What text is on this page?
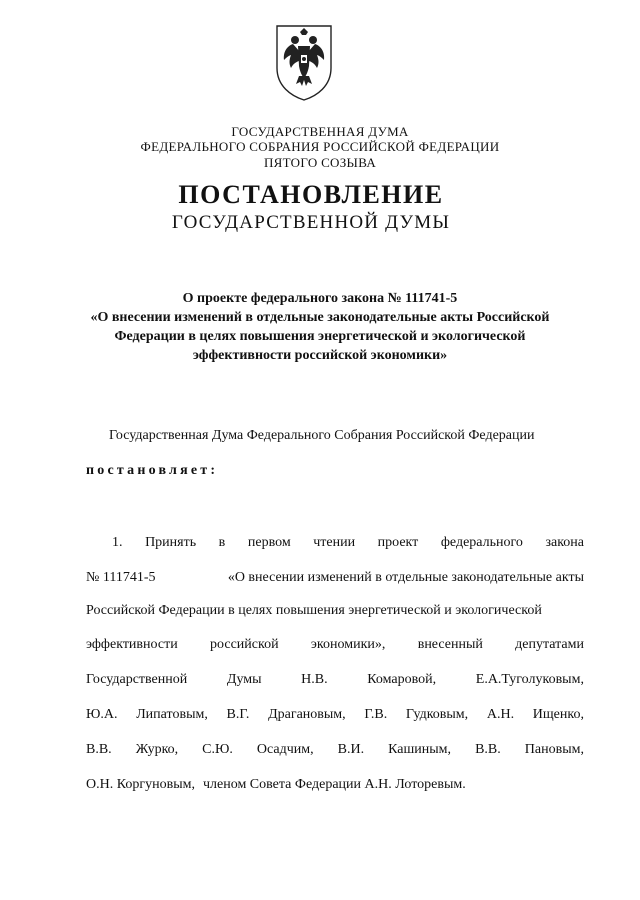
ГОСУДАРСТВЕННАЯ ДУМА
ФЕДЕРАЛЬНОГО СОБРАНИЯ РОССИЙСКОЙ ФЕДЕРАЦИИ
ПЯТОГО СОЗЫВА
ПОСТАНОВЛЕНИЕ
ГОСУДАРСТВЕННОЙ ДУМЫ
О проекте федерального закона № 111741-5
«О внесении изменений в отдельные законодательные акты Российской
Федерации в целях повышения энергетической и экологической
эффективности российской экономики»
Государственная Дума Федерального Собрания Российской Федерации
постановляет:
1. Принять в первом чтении проект федерального закона
№ 111741-5	«О внесении изменений в отдельные законодательные акты
Российской Федерации в целях повышения энергетической и экологической
эффективности российской экономики», внесенный депутатами
Государственной	Думы	Н.В.	Комаровой,	Е.А.Туголуковым,
Ю.А. Липатовым, В.Г. Драгановым, Г.В. Гудковым, А.Н. Ищенко,
В.В. Журко, С.Ю. Осадчим, В.И. Кашиным, В.В. Пановым,
О.Н. Коргуновым, членом Совета Федерации А.Н. Лоторевым.
